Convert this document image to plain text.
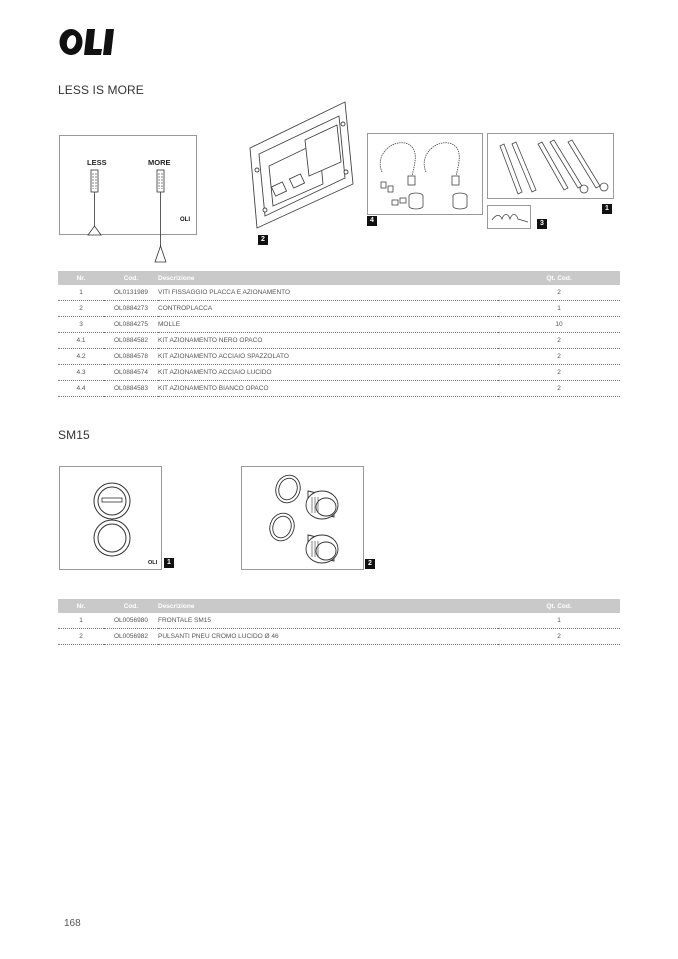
LESS IS MORE
LESS	MORE
OLI
2
4
1
3
Nr.	Cod.	Descrizione	Qt. Cod.
1	OL0131989	VITI FISSAGGIO PLACCA E AZIONAMENTO	2
2	OL0884273	CONTROPLACCA	1
3	OL0884275	MOLLE	10
4.1	OL0884582	KIT AZIONAMENTO NERO OPACO	2
4.2	OL0884578	KIT AZIONAMENTO ACCIAIO SPAZZOLATO	2
4.3	OL0884574	KIT AZIONAMENTO ACCIAIO LUCIDO	2
4.4	OL0884583	KIT AZIONAMENTO BIANCO OPACO	2
SM15
OLI	1	2
Nr.	Cod.	Descrizione	Qt. Cod.
1	OL0056980	FRONTALE SM15	1
2	OL0056982	PULSANTI PNEU CROMO LUCIDO Ø 46	2
168
